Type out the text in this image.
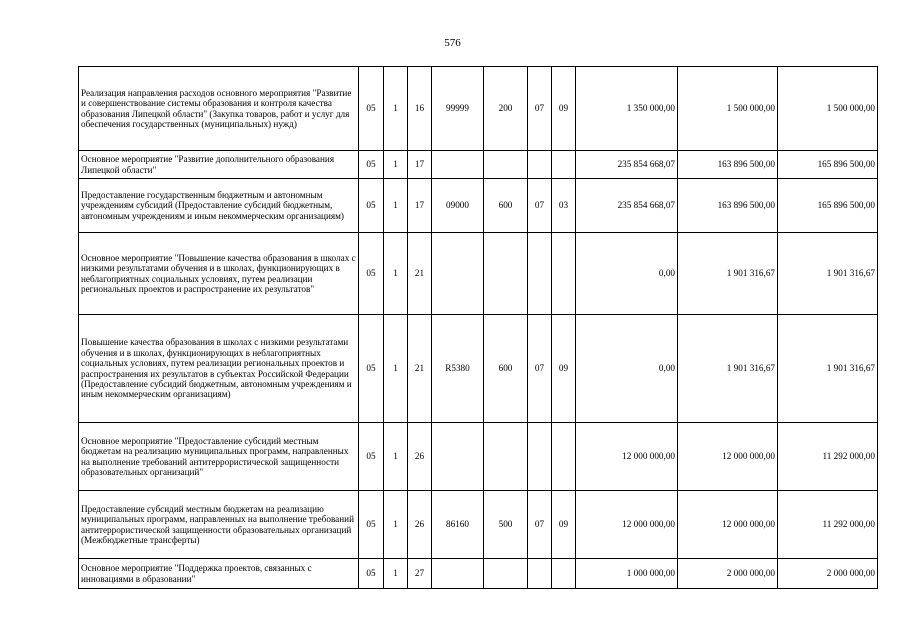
576
Реализация направления расходов основного мероприятия "Развитие и совершенствование системы образования и контроля качества образования Липецкой области" (Закупка товаров, работ и услуг для обеспечения государственных (муниципальных) нужд)	05	1	16	99999	200	07	09	1 350 000,00	1 500 000,00	1 500 000,00
Основное мероприятие "Развитие дополнительного образования Липецкой области"	05	1	17					235 854 668,07	163 896 500,00	165 896 500,00
Предоставление государственным бюджетным и автономным учреждениям субсидий (Предоставление субсидий бюджетным, автономным учреждениям и иным некоммерческим организациям)	05	1	17	09000	600	07	03	235 854 668,07	163 896 500,00	165 896 500,00
Основное мероприятие "Повышение качества образования в школах с низкими результатами обучения и в школах, функционирующих в неблагоприятных социальных условиях, путем реализации региональных проектов и распространение их результатов"	05	1	21					0,00	1 901 316,67	1 901 316,67
Повышение качества образования в школах с низкими результатами обучения и в школах, функционирующих в неблагоприятных социальных условиях, путем реализации региональных проектов и распространения их результатов в субъектах Российской Федерации (Предоставление субсидий бюджетным, автономным учреждениям и иным некоммерческим организациям)	05	1	21	R5380	600	07	09	0,00	1 901 316,67	1 901 316,67
Основное мероприятие "Предоставление субсидий местным бюджетам на реализацию муниципальных программ, направленных на выполнение требований антитеррористической защищенности образовательных организаций"	05	1	26					12 000 000,00	12 000 000,00	11 292 000,00
Предоставление субсидий местным бюджетам на реализацию муниципальных программ, направленных на выполнение требований антитеррористической защищенности образовательных организаций (Межбюджетные трансферты)	05	1	26	86160	500	07	09	12 000 000,00	12 000 000,00	11 292 000,00
Основное мероприятие "Поддержка проектов, связанных с инновациями в образовании"	05	1	27					1 000 000,00	2 000 000,00	2 000 000,00
